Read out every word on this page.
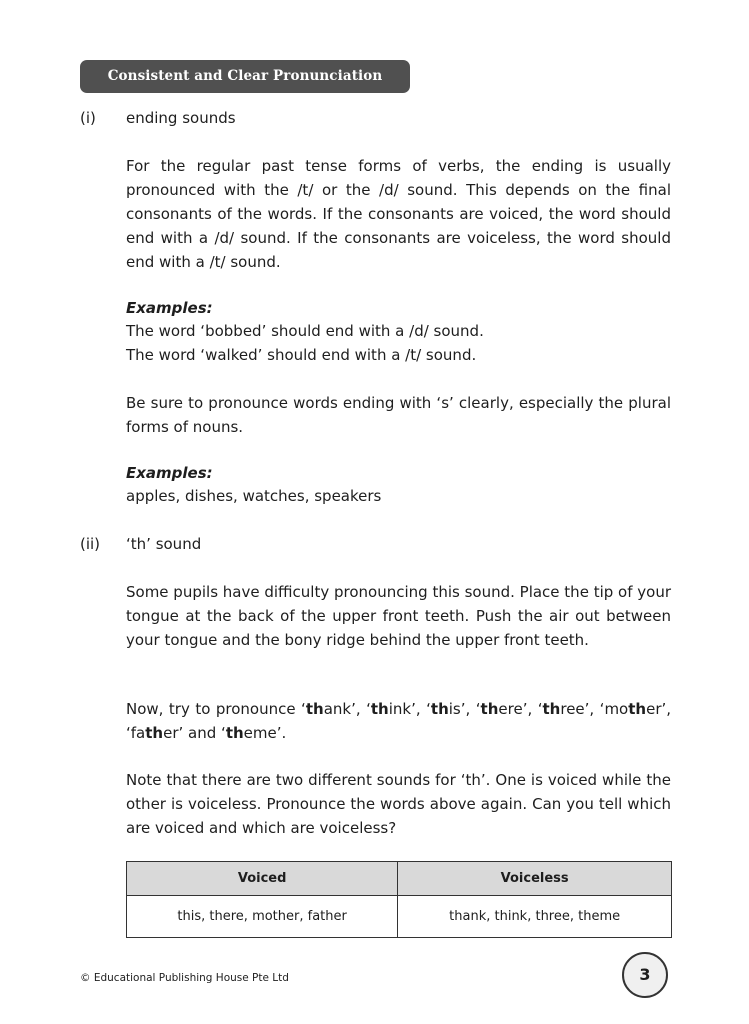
Consistent and Clear Pronunciation
(i) ending sounds
For the regular past tense forms of verbs, the ending is usually pronounced with the /t/ or the /d/ sound. This depends on the final consonants of the words. If the consonants are voiced, the word should end with a /d/ sound. If the consonants are voiceless, the word should end with a /t/ sound.
Examples:
The word ‘bobbed’ should end with a /d/ sound.
The word ‘walked’ should end with a /t/ sound.
Be sure to pronounce words ending with ‘s’ clearly, especially the plural forms of nouns.
Examples:
apples, dishes, watches, speakers
(ii) ‘th’ sound
Some pupils have difficulty pronouncing this sound. Place the tip of your tongue at the back of the upper front teeth. Push the air out between your tongue and the bony ridge behind the upper front teeth.
Now, try to pronounce ‘thank’, ‘think’, ‘this’, ‘there’, ‘three’, ‘mother’, ‘father’ and ‘theme’.
Note that there are two different sounds for ‘th’. One is voiced while the other is voiceless. Pronounce the words above again. Can you tell which are voiced and which are voiceless?
Voiced	Voiceless
this, there, mother, father	thank, think, three, theme
© Educational Publishing House Pte Ltd	3
